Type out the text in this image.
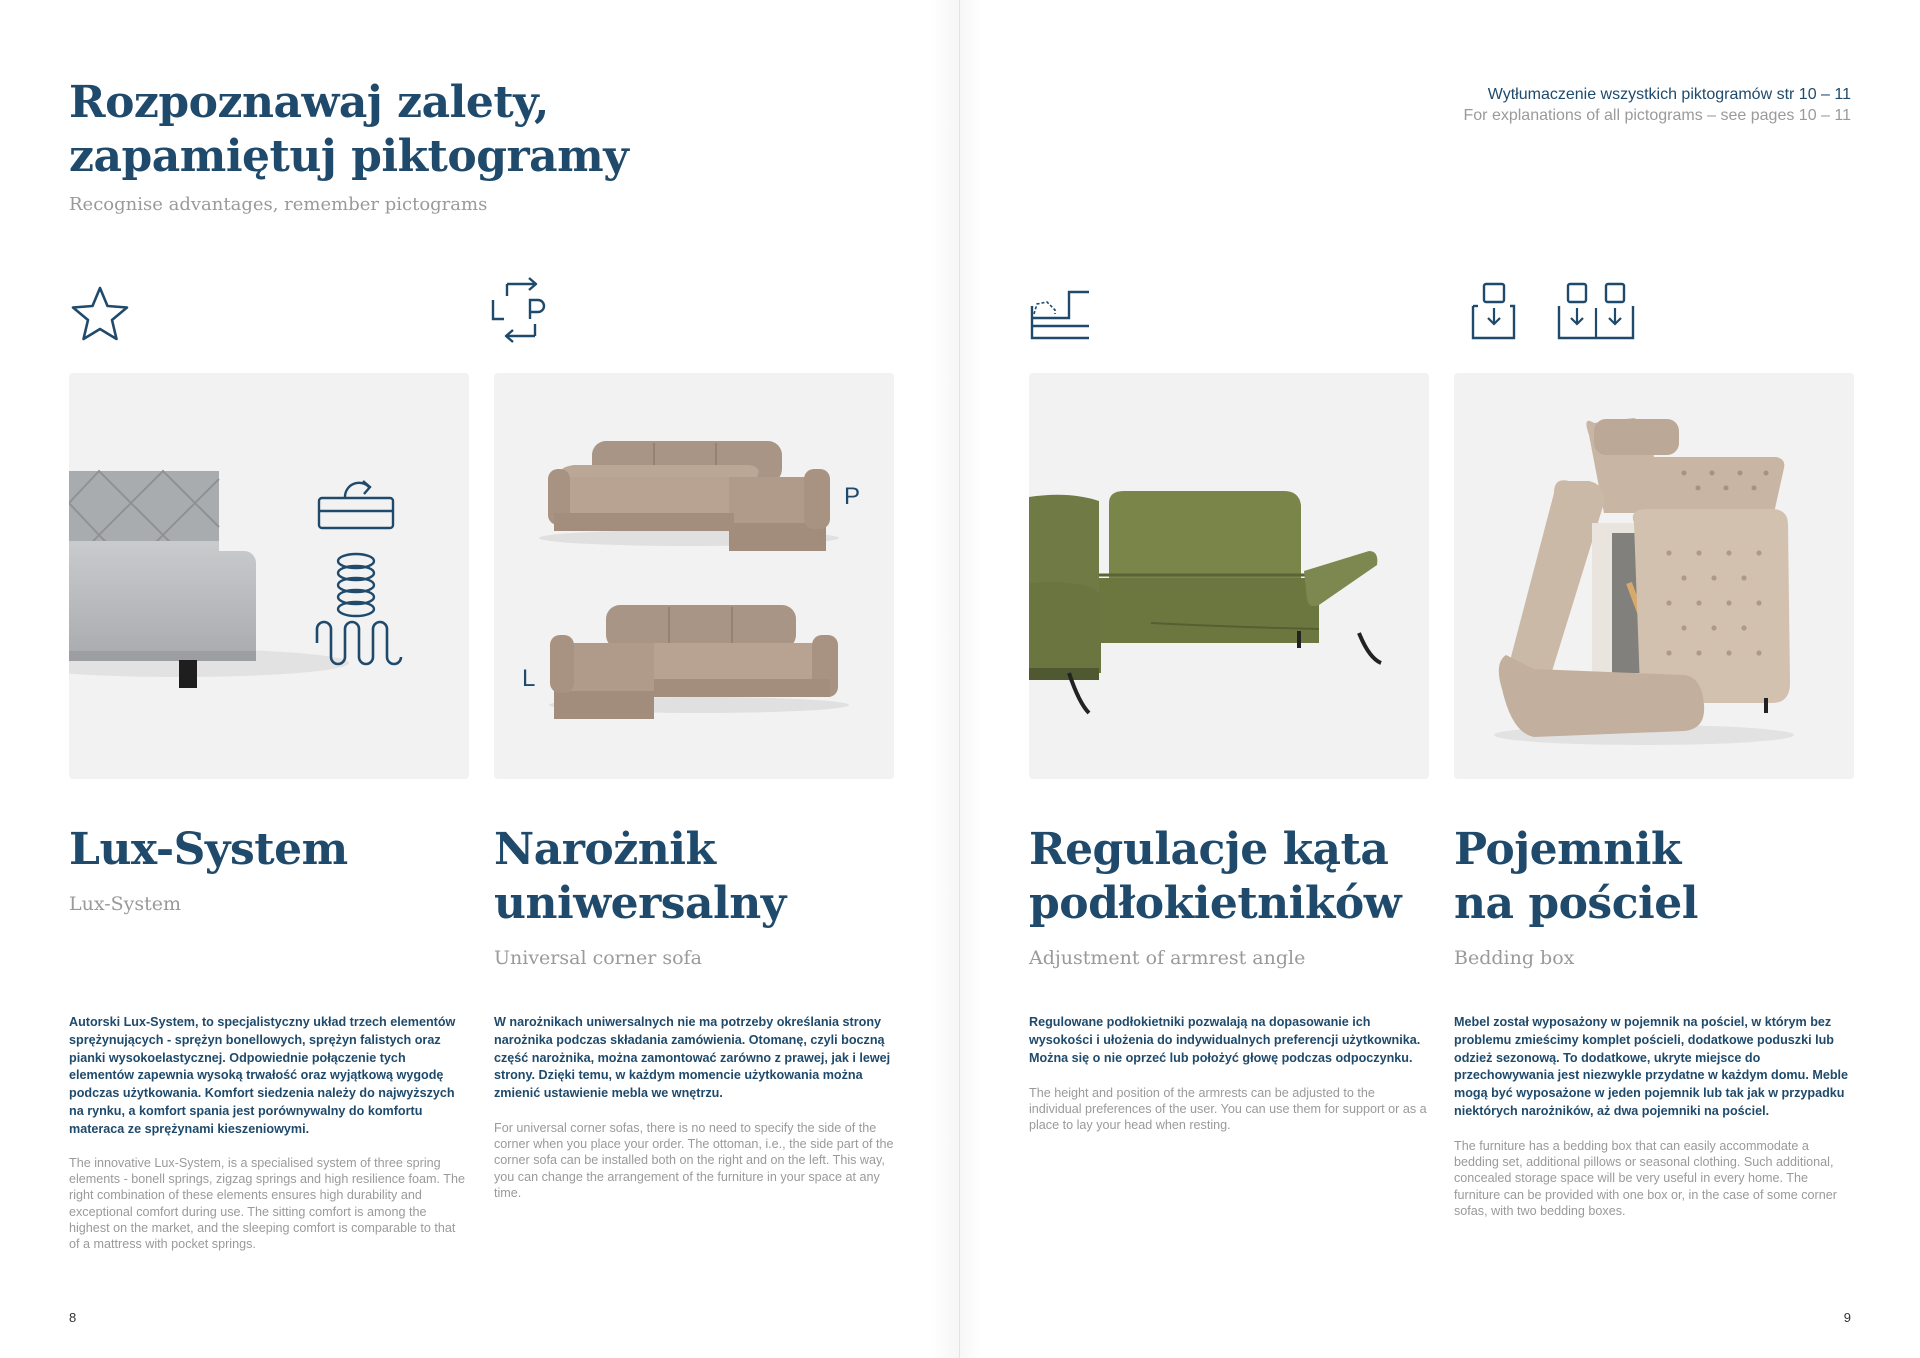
Rozpoznawaj zalety,
zapamiętuj piktogramy
Recognise advantages, remember pictograms
Wytłumaczenie wszystkich piktogramów str 10 – 11
For explanations of all pictograms – see pages 10 – 11
P
L
Lux-System
Lux-System
Narożnik
uniwersalny
Universal corner sofa
Regulacje kąta
podłokietników
Adjustment of armrest angle
Pojemnik
na pościel
Bedding box
Autorski Lux-System, to specjalistyczny układ trzech elementów sprężynujących - sprężyn bonellowych, sprężyn falistych oraz pianki wysokoelastycznej. Odpowiednie połączenie tych elementów zapewnia wysoką trwałość oraz wyjątkową wygodę podczas użytkowania. Komfort siedzenia należy do najwyższych na rynku, a komfort spania jest porównywalny do komfortu materaca ze sprężynami kieszeniowymi.
The innovative Lux-System, is a specialised system of three spring elements - bonell springs, zigzag springs and high resilience foam. The right combination of these elements ensures high durability and exceptional comfort during use. The sitting comfort is among the highest on the market, and the sleeping comfort is comparable to that of a mattress with pocket springs.
W narożnikach uniwersalnych nie ma potrzeby określania strony narożnika podczas składania zamówienia. Otomanę, czyli boczną część narożnika, można zamontować zarówno z prawej, jak i lewej strony. Dzięki temu, w każdym momencie użytkowania można zmienić ustawienie mebla we wnętrzu.
For universal corner sofas, there is no need to specify the side of the corner when you place your order. The ottoman, i.e., the side part of the corner sofa can be installed both on the right and on the left. This way, you can change the arrangement of the furniture in your space at any time.
Regulowane podłokietniki pozwalają na dopasowanie ich wysokości i ułożenia do indywidualnych preferencji użytkownika. Można się o nie oprzeć lub położyć głowę podczas odpoczynku.
The height and position of the armrests can be adjusted to the individual preferences of the user. You can use them for support or as a place to lay your head when resting.
Mebel został wyposażony w pojemnik na pościel, w którym bez problemu zmieścimy komplet pościeli, dodatkowe poduszki lub odzież sezonową. To dodatkowe, ukryte miejsce do przechowywania jest niezwykle przydatne w każdym domu. Meble mogą być wyposażone w jeden pojemnik lub tak jak w przypadku niektórych narożników, aż dwa pojemniki na pościel.
The furniture has a bedding box that can easily accommodate a bedding set, additional pillows or seasonal clothing. Such additional, concealed storage space will be very useful in every home. The furniture can be provided with one box or, in the case of some corner sofas, with two bedding boxes.
8	9
